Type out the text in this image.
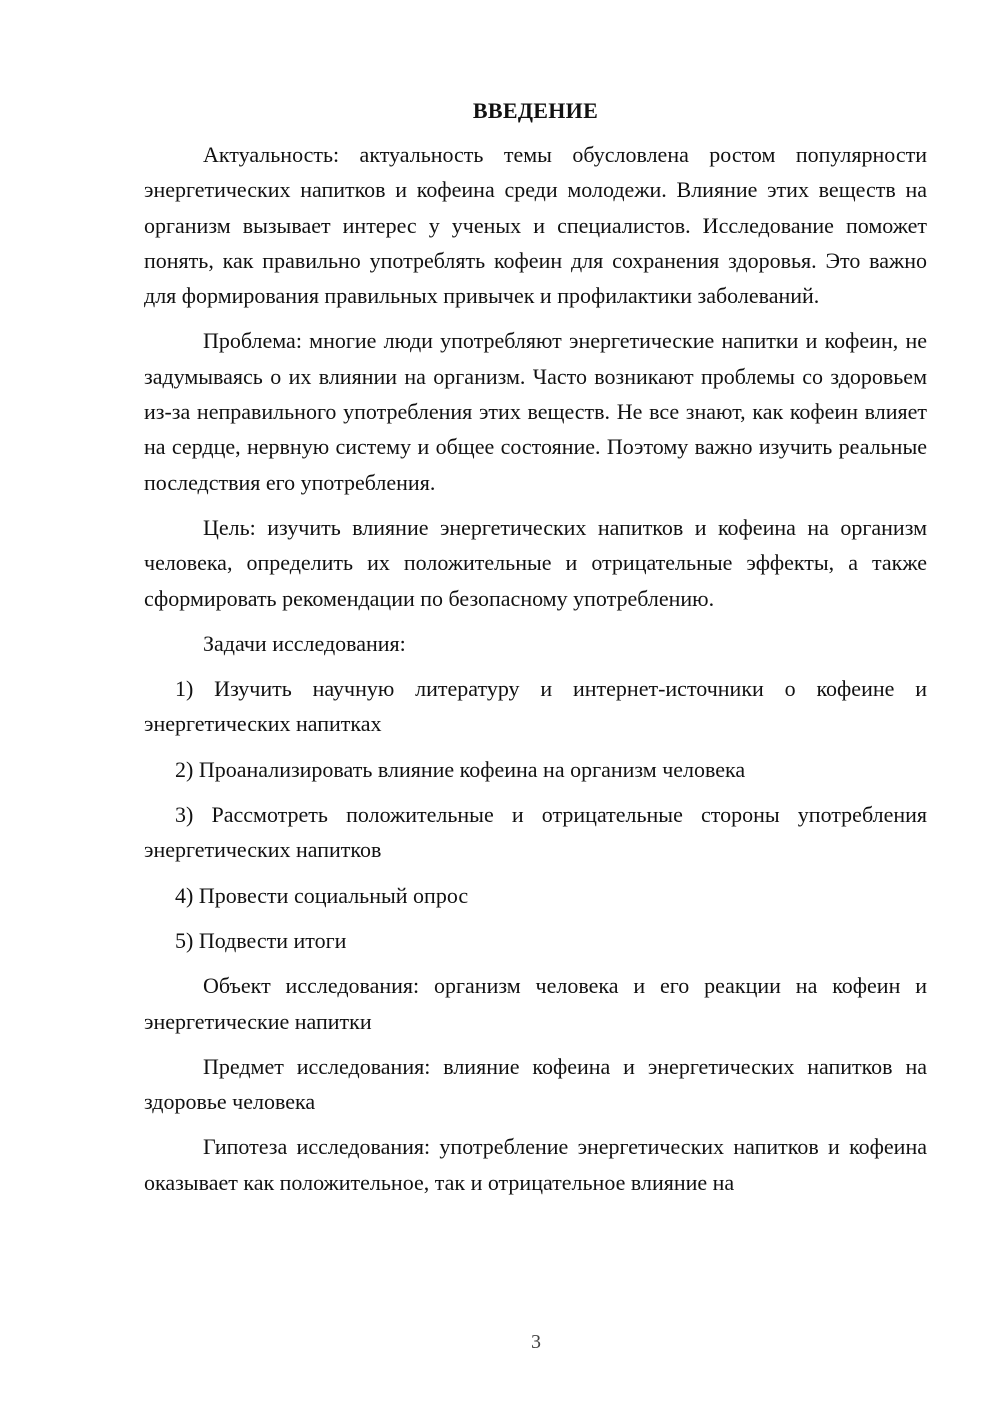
ВВЕДЕНИЕ

Актуальность: актуальность темы обусловлена ростом популярности энергетических напитков и кофеина среди молодежи. Влияние этих веществ на организм вызывает интерес у ученых и специалистов. Исследование поможет понять, как правильно употреблять кофеин для сохранения здоровья. Это важно для формирования правильных привычек и профилактики заболеваний.

Проблема: многие люди употребляют энергетические напитки и кофеин, не задумываясь о их влиянии на организм. Часто возникают проблемы со здоровьем из-за неправильного употребления этих веществ. Не все знают, как кофеин влияет на сердце, нервную систему и общее состояние. Поэтому важно изучить реальные последствия его употребления.

Цель: изучить влияние энергетических напитков и кофеина на организм человека, определить их положительные и отрицательные эффекты, а также сформировать рекомендации по безопасному употреблению.

Задачи исследования:

1) Изучить научную литературу и интернет-источники о кофеине и энергетических напитках

2) Проанализировать влияние кофеина на организм человека

3) Рассмотреть положительные и отрицательные стороны употребления энергетических напитков

4) Провести социальный опрос

5) Подвести итоги

Объект исследования: организм человека и его реакции на кофеин и энергетические напитки

Предмет исследования: влияние кофеина и энергетических напитков на здоровье человека

Гипотеза исследования: употребление энергетических напитков и кофеина оказывает как положительное, так и отрицательное влияние на

3
